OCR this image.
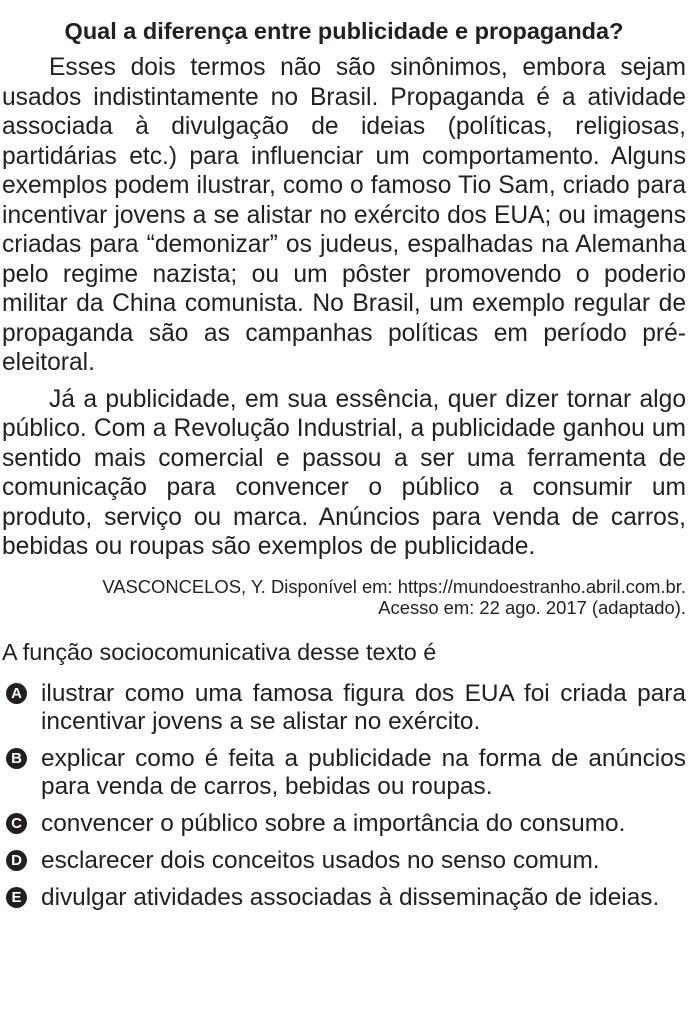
Qual a diferença entre publicidade e propaganda?

Esses dois termos não são sinônimos, embora sejam usados indistintamente no Brasil. Propaganda é a atividade associada à divulgação de ideias (políticas, religiosas, partidárias etc.) para influenciar um comportamento. Alguns exemplos podem ilustrar, como o famoso Tio Sam, criado para incentivar jovens a se alistar no exército dos EUA; ou imagens criadas para “demonizar” os judeus, espalhadas na Alemanha pelo regime nazista; ou um pôster promovendo o poderio militar da China comunista. No Brasil, um exemplo regular de propaganda são as campanhas políticas em período pré-eleitoral.

Já a publicidade, em sua essência, quer dizer tornar algo público. Com a Revolução Industrial, a publicidade ganhou um sentido mais comercial e passou a ser uma ferramenta de comunicação para convencer o público a consumir um produto, serviço ou marca. Anúncios para venda de carros, bebidas ou roupas são exemplos de publicidade.

VASCONCELOS, Y. Disponível em: https://mundoestranho.abril.com.br.
Acesso em: 22 ago. 2017 (adaptado).
A função sociocomunicativa desse texto é
A ilustrar como uma famosa figura dos EUA foi criada para incentivar jovens a se alistar no exército.
B explicar como é feita a publicidade na forma de anúncios para venda de carros, bebidas ou roupas.
C convencer o público sobre a importância do consumo.
D esclarecer dois conceitos usados no senso comum.
E divulgar atividades associadas à disseminação de ideias.
